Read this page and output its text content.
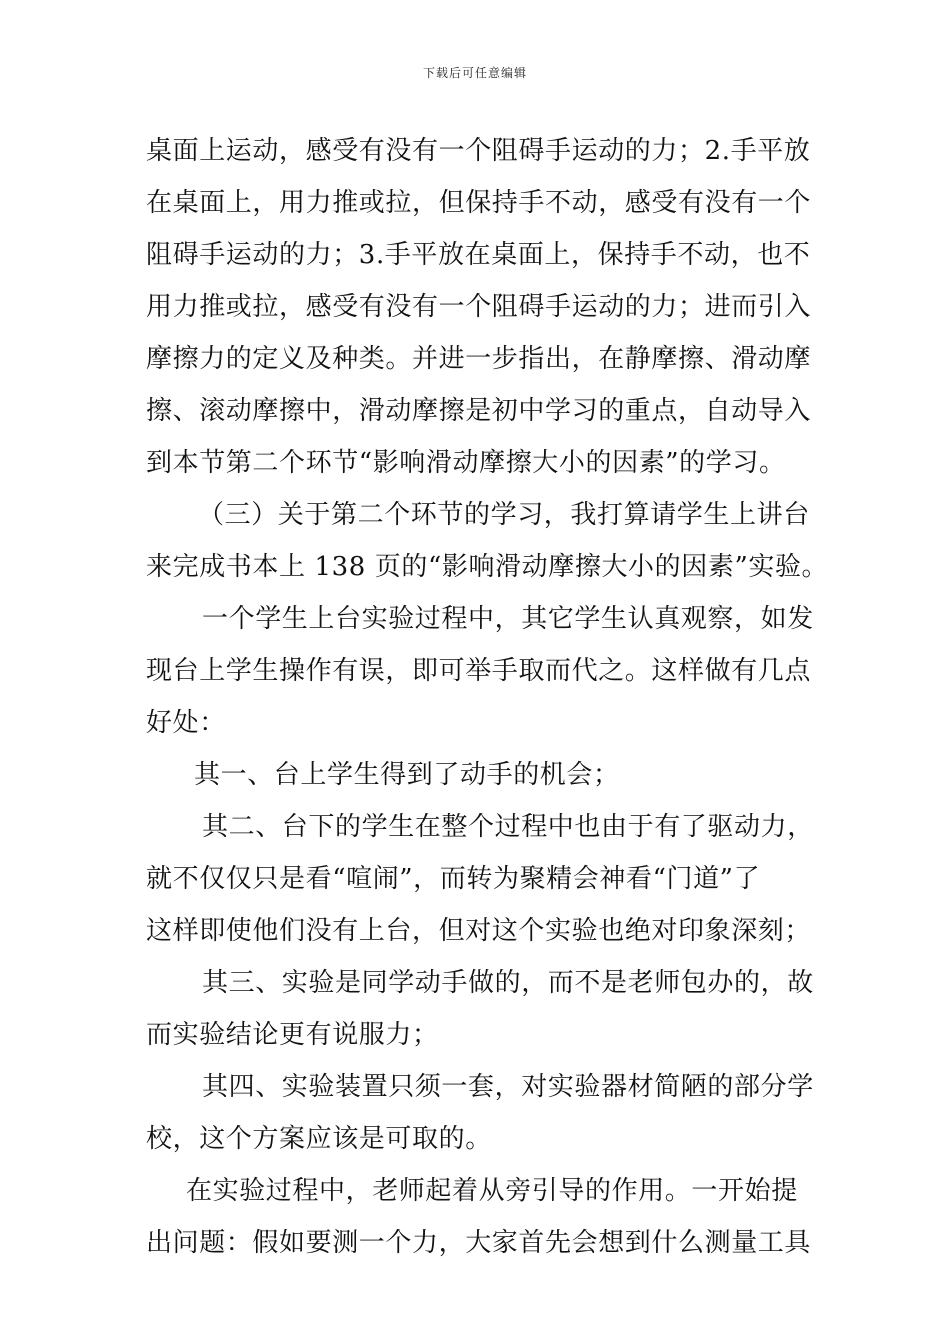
下载后可任意编辑
桌面上运动，感受有没有一个阻碍手运动的力；2.手平放
在桌面上，用力推或拉，但保持手不动，感受有没有一个
阻碍手运动的力；3.手平放在桌面上，保持手不动，也不
用力推或拉，感受有没有一个阻碍手运动的力；进而引入
摩擦力的定义及种类。并进一步指出，在静摩擦、滑动摩
擦、滚动摩擦中，滑动摩擦是初中学习的重点，自动导入
到本节第二个环节“影响滑动摩擦大小的因素”的学习。
（三）关于第二个环节的学习，我打算请学生上讲台
来完成书本上 138 页的“影响滑动摩擦大小的因素”实验。
一个学生上台实验过程中，其它学生认真观察，如发
现台上学生操作有误，即可举手取而代之。这样做有几点
好处：
其一、台上学生得到了动手的机会；
其二、台下的学生在整个过程中也由于有了驱动力，
就不仅仅只是看“喧闹”，而转为聚精会神看“门道”了
这样即使他们没有上台，但对这个实验也绝对印象深刻；
其三、实验是同学动手做的，而不是老师包办的，故
而实验结论更有说服力；
其四、实验装置只须一套，对实验器材简陋的部分学
校，这个方案应该是可取的。
在实验过程中，老师起着从旁引导的作用。一开始提
出问题：假如要测一个力，大家首先会想到什么测量工具
